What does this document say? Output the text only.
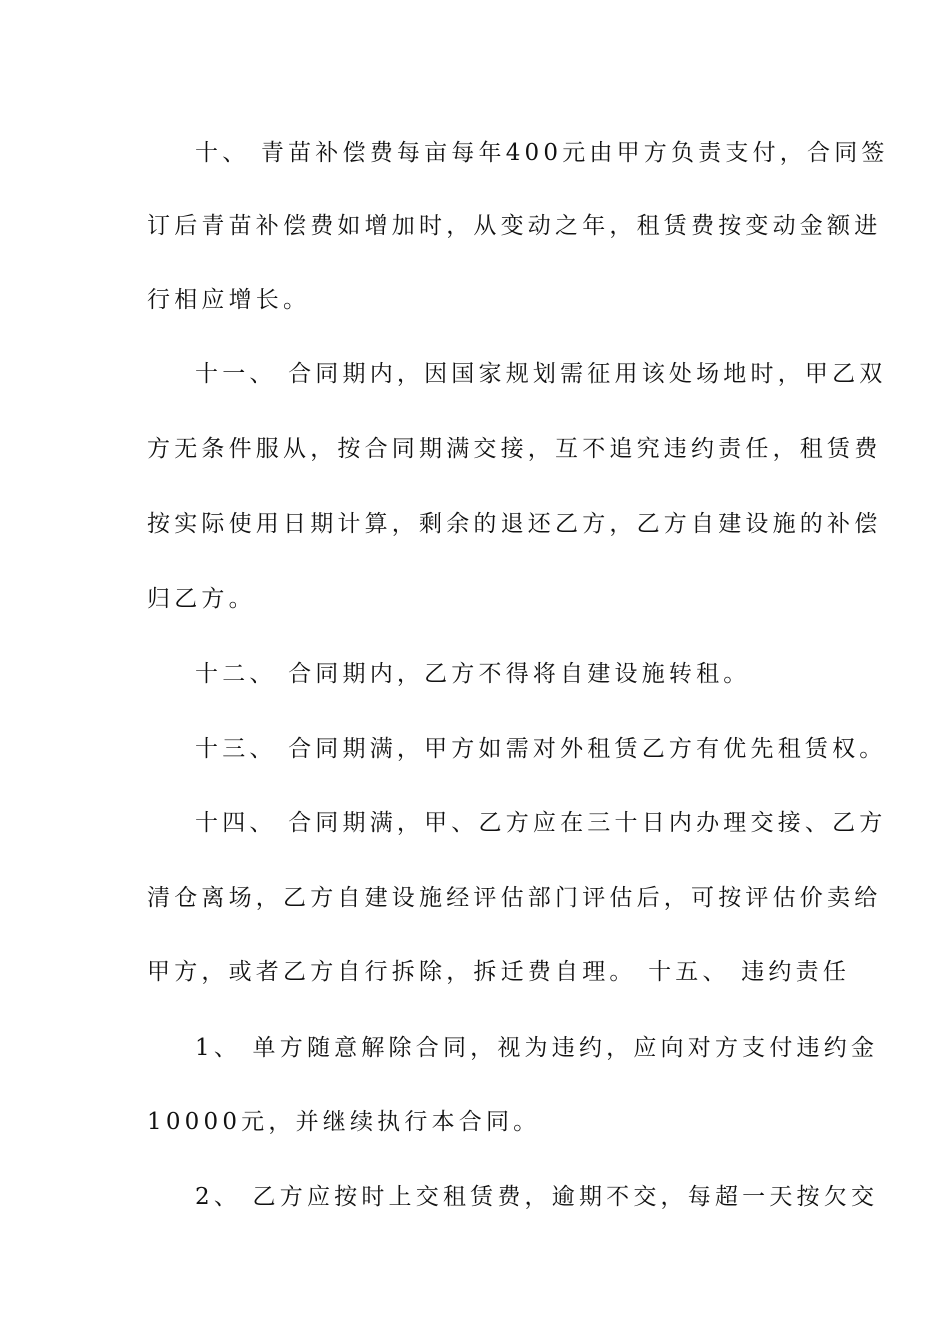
十、 青苗补偿费每亩每年400元由甲方负责支付，合同签
订后青苗补偿费如增加时，从变动之年，租赁费按变动金额进
行相应增长。
十一、 合同期内，因国家规划需征用该处场地时，甲乙双
方无条件服从，按合同期满交接，互不追究违约责任，租赁费
按实际使用日期计算，剩余的退还乙方，乙方自建设施的补偿
归乙方。
十二、 合同期内，乙方不得将自建设施转租。
十三、 合同期满，甲方如需对外租赁乙方有优先租赁权。
十四、 合同期满，甲、乙方应在三十日内办理交接、乙方
清仓离场，乙方自建设施经评估部门评估后，可按评估价卖给
甲方，或者乙方自行拆除，拆迁费自理。 十五、 违约责任
1、 单方随意解除合同，视为违约，应向对方支付违约金
10000元，并继续执行本合同。
2、 乙方应按时上交租赁费，逾期不交，每超一天按欠交
